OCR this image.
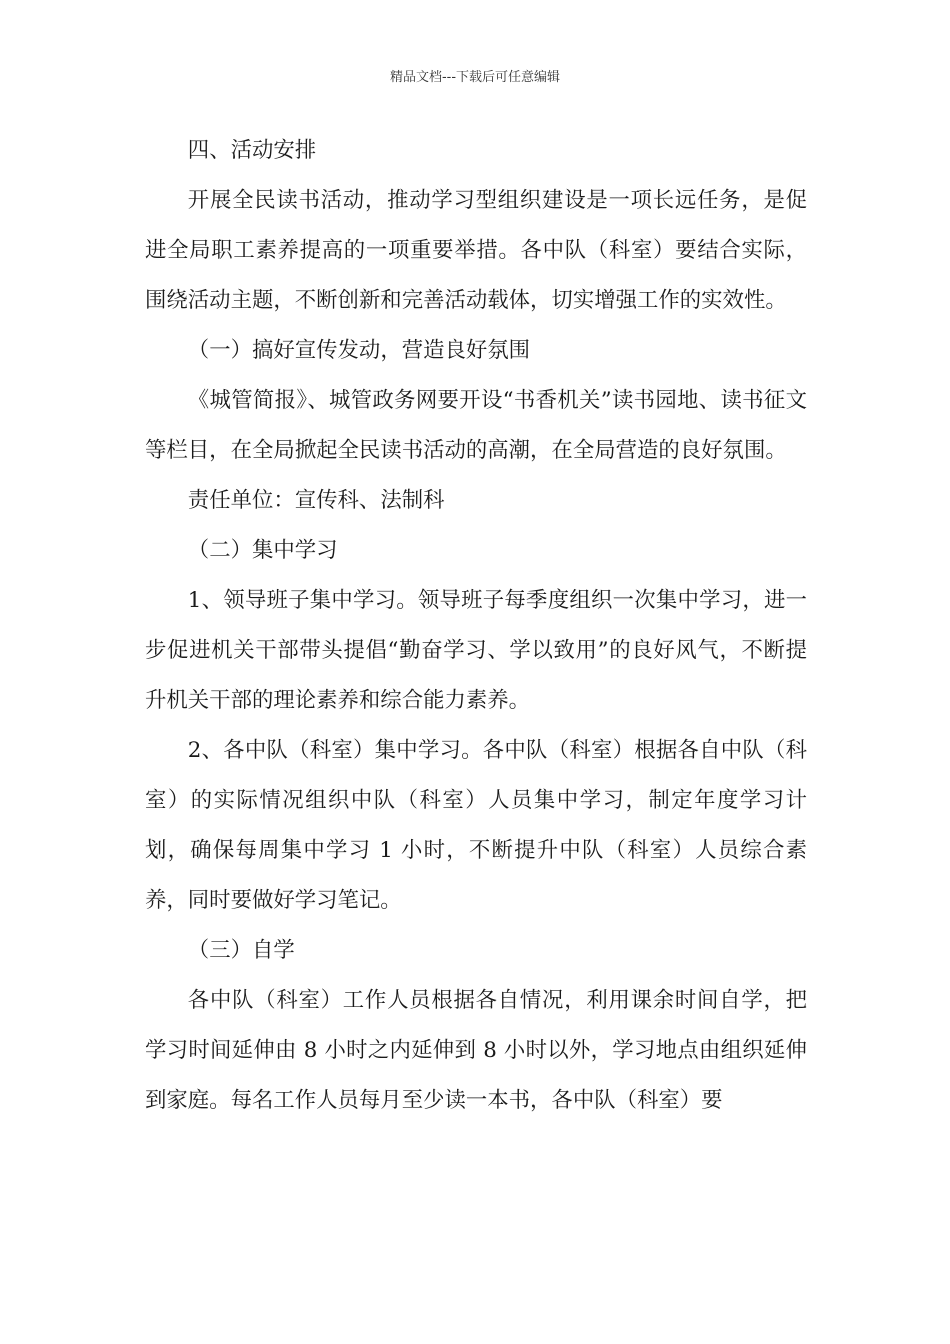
精品文档---下载后可任意编辑

四、活动安排

开展全民读书活动，推动学习型组织建设是一项长远任务，是促进全局职工素养提高的一项重要举措。各中队（科室）要结合实际，围绕活动主题，不断创新和完善活动载体，切实增强工作的实效性。

（一）搞好宣传发动，营造良好氛围

《城管简报》、城管政务网要开设“书香机关”读书园地、读书征文等栏目，在全局掀起全民读书活动的高潮，在全局营造的良好氛围。

责任单位：宣传科、法制科

（二）集中学习

1、领导班子集中学习。领导班子每季度组织一次集中学习，进一步促进机关干部带头提倡“勤奋学习、学以致用”的良好风气，不断提升机关干部的理论素养和综合能力素养。

2、各中队（科室）集中学习。各中队（科室）根据各自中队（科室）的实际情况组织中队（科室）人员集中学习，制定年度学习计划，确保每周集中学习 1 小时，不断提升中队（科室）人员综合素养，同时要做好学习笔记。

（三）自学

各中队（科室）工作人员根据各自情况，利用课余时间自学，把学习时间延伸由 8 小时之内延伸到 8 小时以外，学习地点由组织延伸到家庭。每名工作人员每月至少读一本书，各中队（科室）要
